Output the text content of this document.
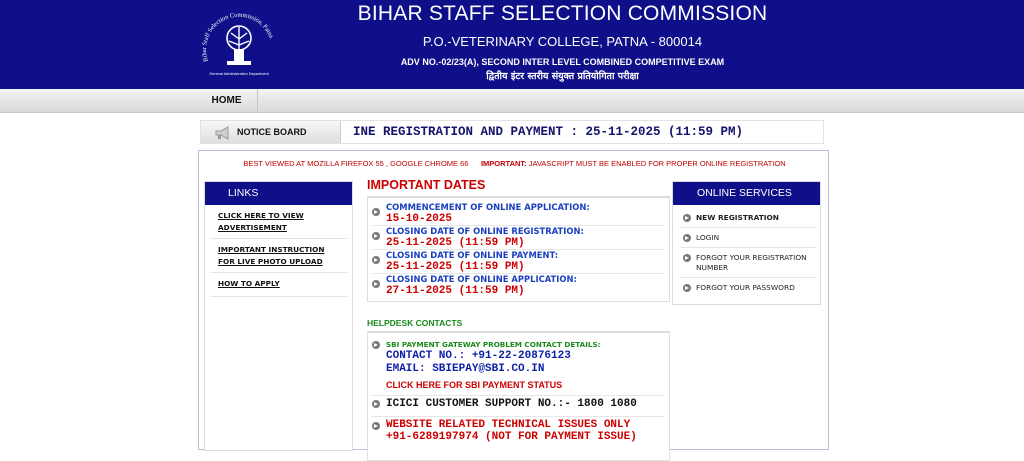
Bihar Staff Selection Commission, Patna
General Administration Department
BIHAR STAFF SELECTION COMMISSION
P.O.-VETERINARY COLLEGE, PATNA - 800014
ADV NO.-02/23(A), SECOND INTER LEVEL COMBINED COMPETITIVE EXAM
द्वितीय इंटर स्तरीय संयुक्त प्रतियोगिता परीक्षा
HOME
NOTICE BOARD	INE REGISTRATION AND PAYMENT : 25-11-2025 (11:59 PM)
BEST VIEWED AT MOZILLA FIREFOX 55 , GOOGLE CHROME 66 IMPORTANT: JAVASCRIPT MUST BE ENABLED FOR PROPER ONLINE REGISTRATION
LINKS
CLICK HERE TO VIEW ADVERTISEMENT
IMPORTANT INSTRUCTION FOR LIVE PHOTO UPLOAD
HOW TO APPLY
IMPORTANT DATES
COMMENCEMENT OF ONLINE APPLICATION:
15-10-2025
CLOSING DATE OF ONLINE REGISTRATION:
25-11-2025 (11:59 PM)
CLOSING DATE OF ONLINE PAYMENT:
25-11-2025 (11:59 PM)
CLOSING DATE OF ONLINE APPLICATION:
27-11-2025 (11:59 PM)
HELPDESK CONTACTS
SBI PAYMENT GATEWAY PROBLEM CONTACT DETAILS:
CONTACT NO.: +91-22-20876123
EMAIL: SBIEPAY@SBI.CO.IN
CLICK HERE FOR SBI PAYMENT STATUS
ICICI CUSTOMER SUPPORT NO.:- 1800 1080
WEBSITE RELATED TECHNICAL ISSUES ONLY
+91-6289197974 (NOT FOR PAYMENT ISSUE)
ONLINE SERVICES
NEW REGISTRATION
LOGIN
FORGOT YOUR REGISTRATION NUMBER
FORGOT YOUR PASSWORD
